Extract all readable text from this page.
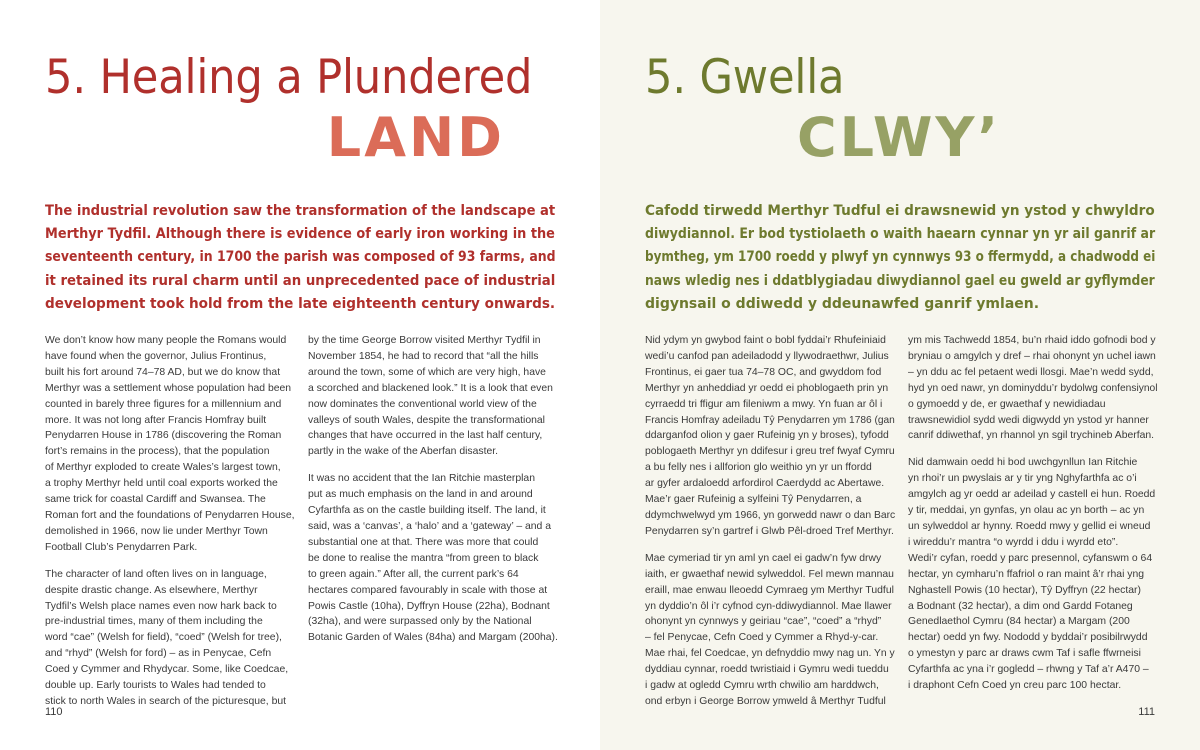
5. Healing a Plundered
LAND
The industrial revolution saw the transformation of the landscape at
Merthyr Tydfil. Although there is evidence of early iron working in the
seventeenth century, in 1700 the parish was composed of 93 farms, and
it retained its rural charm until an unprecedented pace of industrial
development took hold from the late eighteenth century onwards.

We don’t know how many people the Romans would
have found when the governor, Julius Frontinus,
built his fort around 74–78 AD, but we do know that
Merthyr was a settlement whose population had been
counted in barely three figures for a millennium and
more. It was not long after Francis Homfray built
Penydarren House in 1786 (discovering the Roman
fort’s remains in the process), that the population
of Merthyr exploded to create Wales’s largest town,
a trophy Merthyr held until coal exports worked the
same trick for coastal Cardiff and Swansea. The
Roman fort and the foundations of Penydarren House,
demolished in 1966, now lie under Merthyr Town
Football Club’s Penydarren Park.

The character of land often lives on in language,
despite drastic change. As elsewhere, Merthyr
Tydfil’s Welsh place names even now hark back to
pre-industrial times, many of them including the
word “cae” (Welsh for field), “coed” (Welsh for tree),
and “rhyd” (Welsh for ford) – as in Penycae, Cefn
Coed y Cymmer and Rhydycar. Some, like Coedcae,
double up. Early tourists to Wales had tended to
stick to north Wales in search of the picturesque, but

by the time George Borrow visited Merthyr Tydfil in
November 1854, he had to record that “all the hills
around the town, some of which are very high, have
a scorched and blackened look.” It is a look that even
now dominates the conventional world view of the
valleys of south Wales, despite the transformational
changes that have occurred in the last half century,
partly in the wake of the Aberfan disaster.

It was no accident that the Ian Ritchie masterplan
put as much emphasis on the land in and around
Cyfarthfa as on the castle building itself. The land, it
said, was a ‘canvas’, a ‘halo’ and a ‘gateway’ – and a
substantial one at that. There was more that could
be done to realise the mantra “from green to black
to green again.” After all, the current park’s 64
hectares compared favourably in scale with those at
Powis Castle (10ha), Dyffryn House (22ha), Bodnant
(32ha), and were surpassed only by the National
Botanic Garden of Wales (84ha) and Margam (200ha).

110
5. Gwella
CLWY’
Cafodd tirwedd Merthyr Tudful ei drawsnewid yn ystod y chwyldro
diwydiannol. Er bod tystiolaeth o waith haearn cynnar yn yr ail ganrif ar
bymtheg, ym 1700 roedd y plwyf yn cynnwys 93 o ffermydd, a chadwodd ei
naws wledig nes i ddatblygiadau diwydiannol gael eu gweld ar gyflymder
digynsail o ddiwedd y ddeunawfed ganrif ymlaen.

Nid ydym yn gwybod faint o bobl fyddai’r Rhufeiniaid
wedi’u canfod pan adeiladodd y llywodraethwr, Julius
Frontinus, ei gaer tua 74–78 OC, and gwyddom fod
Merthyr yn anheddiad yr oedd ei phoblogaeth prin yn
cyrraedd tri ffigur am fileniwm a mwy. Yn fuan ar ôl i
Francis Homfray adeiladu Tŷ Penydarren ym 1786 (gan
ddarganfod olion y gaer Rufeinig yn y broses), tyfodd
poblogaeth Merthyr yn ddifesur i greu tref fwyaf Cymru
a bu felly nes i allforion glo weithio yn yr un ffordd
ar gyfer ardaloedd arfordirol Caerdydd ac Abertawe.
Mae’r gaer Rufeinig a sylfeini Tŷ Penydarren, a
ddymchwelwyd ym 1966, yn gorwedd nawr o dan Barc
Penydarren sy’n gartref i Glwb Pêl-droed Tref Merthyr.

Mae cymeriad tir yn aml yn cael ei gadw’n fyw drwy
iaith, er gwaethaf newid sylweddol. Fel mewn mannau
eraill, mae enwau lleoedd Cymraeg ym Merthyr Tudful
yn dyddio’n ôl i’r cyfnod cyn-ddiwydiannol. Mae llawer
ohonynt yn cynnwys y geiriau “cae”, “coed” a “rhyd”
– fel Penycae, Cefn Coed y Cymmer a Rhyd-y-car.
Mae rhai, fel Coedcae, yn defnyddio mwy nag un. Yn y
dyddiau cynnar, roedd twristiaid i Gymru wedi tueddu
i gadw at ogledd Cymru wrth chwilio am harddwch,
ond erbyn i George Borrow ymweld â Merthyr Tudful

ym mis Tachwedd 1854, bu’n rhaid iddo gofnodi bod y
bryniau o amgylch y dref – rhai ohonynt yn uchel iawn
– yn ddu ac fel petaent wedi llosgi. Mae’n wedd sydd,
hyd yn oed nawr, yn dominyddu’r bydolwg confensiynol
o gymoedd y de, er gwaethaf y newidiadau
trawsnewidiol sydd wedi digwydd yn ystod yr hanner
canrif ddiwethaf, yn rhannol yn sgil trychineb Aberfan.

Nid damwain oedd hi bod uwchgynllun Ian Ritchie
yn rhoi’r un pwyslais ar y tir yng Nghyfarthfa ac o’i
amgylch ag yr oedd ar adeilad y castell ei hun. Roedd
y tir, meddai, yn gynfas, yn olau ac yn borth – ac yn
un sylweddol ar hynny. Roedd mwy y gellid ei wneud
i wireddu’r mantra “o wyrdd i ddu i wyrdd eto”.
Wedi’r cyfan, roedd y parc presennol, cyfanswm o 64
hectar, yn cymharu’n ffafriol o ran maint â’r rhai yng
Nghastell Powis (10 hectar), Tŷ Dyffryn (22 hectar)
a Bodnant (32 hectar), a dim ond Gardd Fotaneg
Genedlaethol Cymru (84 hectar) a Margam (200
hectar) oedd yn fwy. Nododd y byddai’r posibilrwydd
o ymestyn y parc ar draws cwm Taf i safle ffwrneisi
Cyfarthfa ac yna i’r gogledd – rhwng y Taf a’r A470 –
i draphont Cefn Coed yn creu parc 100 hectar.

111
